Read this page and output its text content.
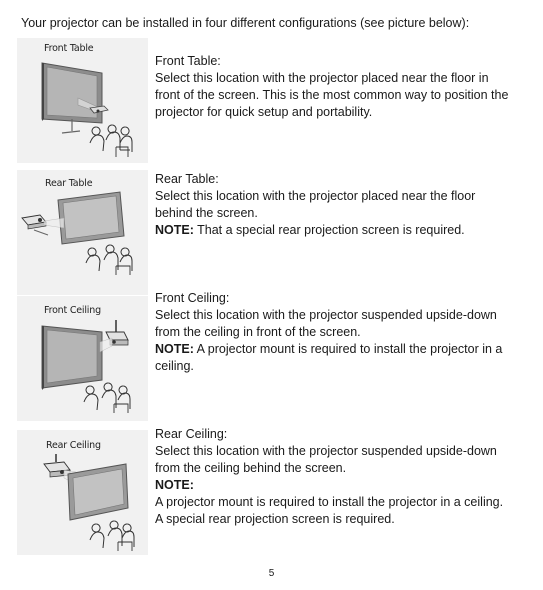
Your projector can be installed in four different configurations (see picture below):
Front Table

Front Table:

Select this location with the projector placed near the floor in

front of the screen. This is the most common way to position the

projector for quick setup and portability.

Rear Table	Rear Table:

Select this location with the projector placed near the floor

behind the screen.

NOTE: That a special rear projection screen is required.

Front Ceiling

Front Ceiling:

Select this location with the projector suspended upside-down

from the ceiling in front of the screen.

NOTE: A projector mount is required to install the projector in a

ceiling.

Rear Ceiling

Rear Ceiling:

Select this location with the projector suspended upside-down

from the ceiling behind the screen.

NOTE:

A projector mount is required to install the projector in a ceiling.

A special rear projection screen is required.

5
